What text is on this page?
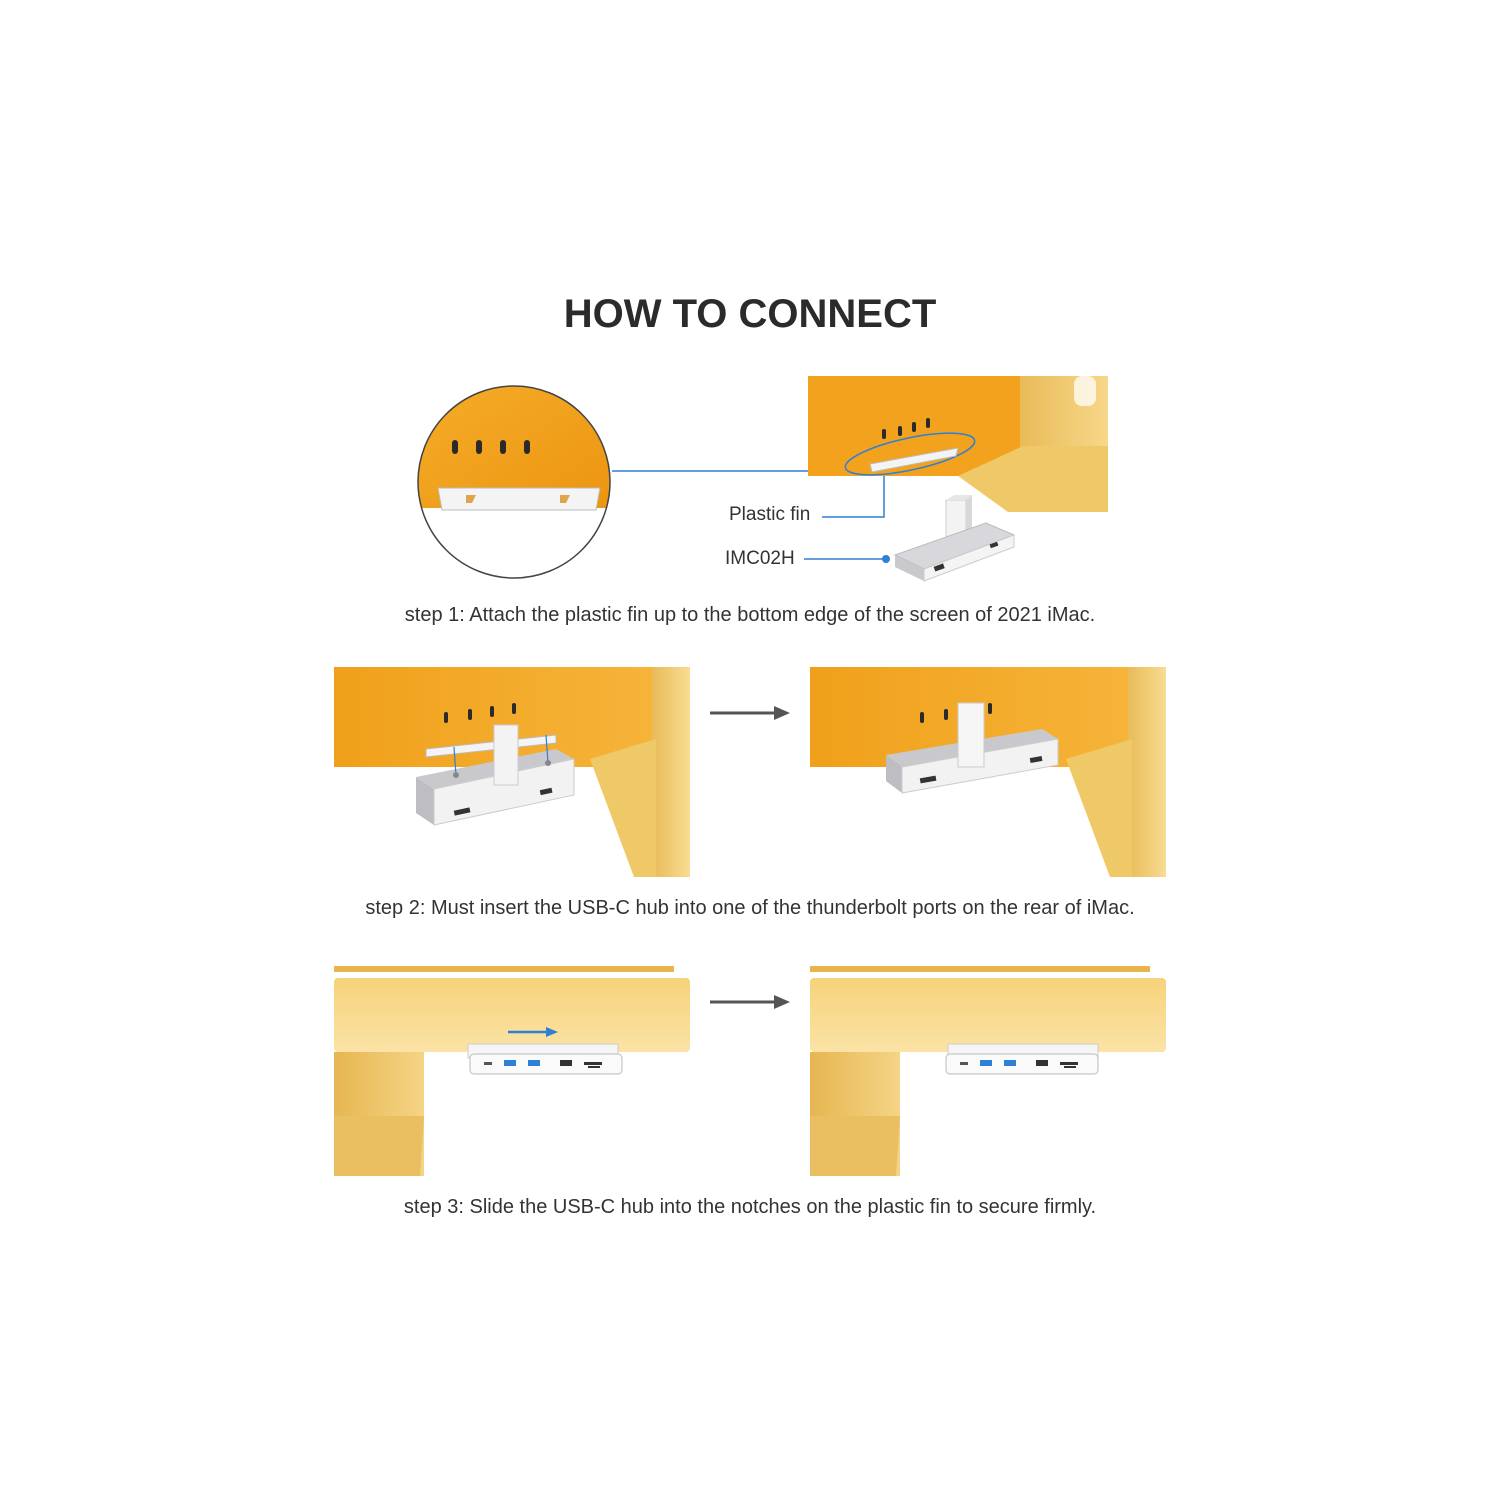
HOW TO CONNECT
Plastic fin
IMC02H
step 1: Attach the plastic fin up to the bottom edge of the screen of 2021 iMac.
step 2: Must insert the USB-C hub into one of the thunderbolt ports on the rear of iMac.
step 3: Slide the USB-C hub into the notches on the plastic fin to secure firmly.
